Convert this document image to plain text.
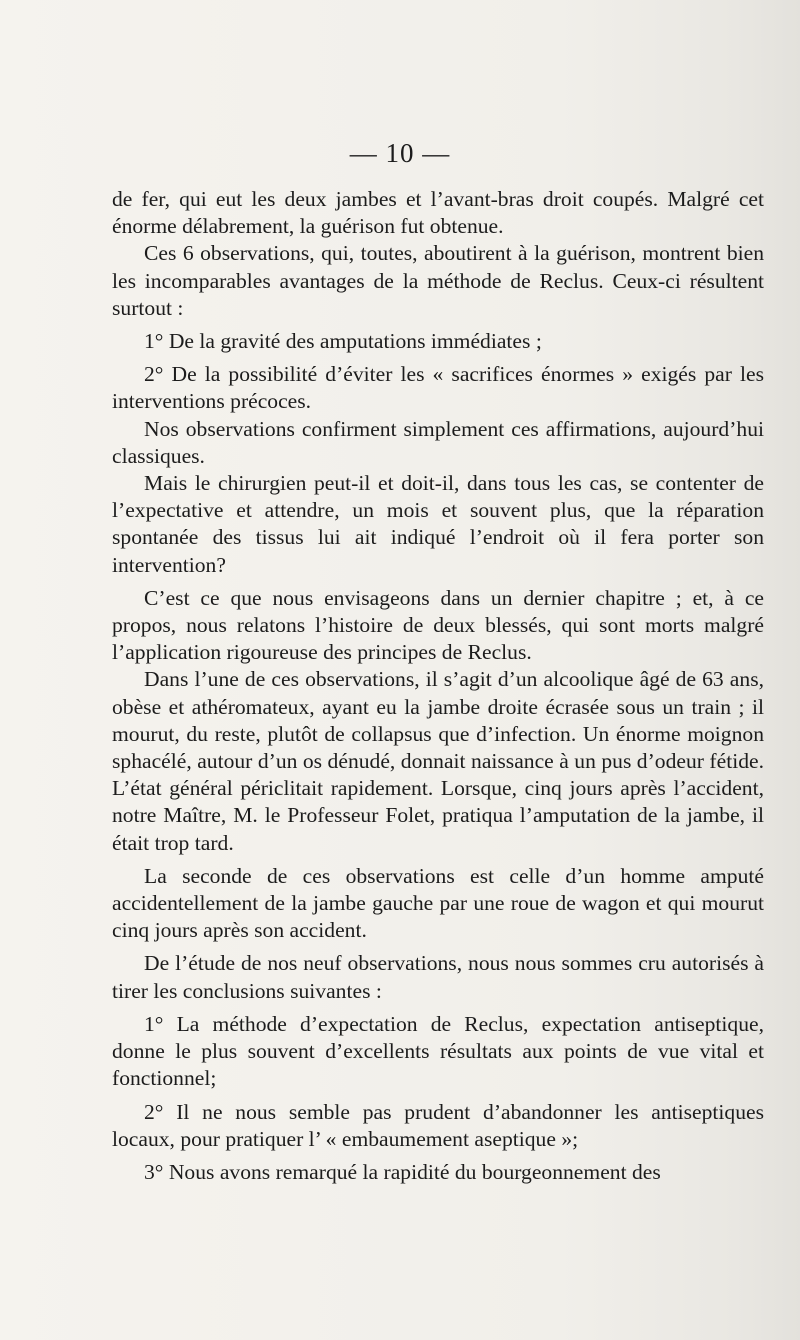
— 10 —

de fer, qui eut les deux jambes et l’avant-bras droit coupés. Malgré cet énorme délabrement, la guérison fut obtenue.

Ces 6 observations, qui, toutes, aboutirent à la guérison, montrent bien les incomparables avantages de la méthode de Reclus. Ceux-ci résultent surtout :

1° De la gravité des amputations immédiates ;

2° De la possibilité d’éviter les « sacrifices énormes » exigés par les interventions précoces.

Nos observations confirment simplement ces affirmations, aujourd’hui classiques.

Mais le chirurgien peut-il et doit-il, dans tous les cas, se contenter de l’expectative et attendre, un mois et souvent plus, que la réparation spontanée des tissus lui ait indiqué l’endroit où il fera porter son intervention?

C’est ce que nous envisageons dans un dernier chapitre ; et, à ce propos, nous relatons l’histoire de deux blessés, qui sont morts malgré l’application rigoureuse des principes de Reclus.

Dans l’une de ces observations, il s’agit d’un alcoolique âgé de 63 ans, obèse et athéromateux, ayant eu la jambe droite écrasée sous un train ; il mourut, du reste, plutôt de collapsus que d’infection. Un énorme moignon sphacélé, autour d’un os dénudé, donnait naissance à un pus d’odeur fétide. L’état général périclitait rapidement. Lorsque, cinq jours après l’accident, notre Maître, M. le Professeur Folet, pratiqua l’amputation de la jambe, il était trop tard.

La seconde de ces observations est celle d’un homme amputé accidentellement de la jambe gauche par une roue de wagon et qui mourut cinq jours après son accident.

De l’étude de nos neuf observations, nous nous sommes cru autorisés à tirer les conclusions suivantes :

1° La méthode d’expectation de Reclus, expectation antiseptique, donne le plus souvent d’excellents résultats aux points de vue vital et fonctionnel;

2° Il ne nous semble pas prudent d’abandonner les antiseptiques locaux, pour pratiquer l’ « embaumement aseptique »;

3° Nous avons remarqué la rapidité du bourgeonnement des
